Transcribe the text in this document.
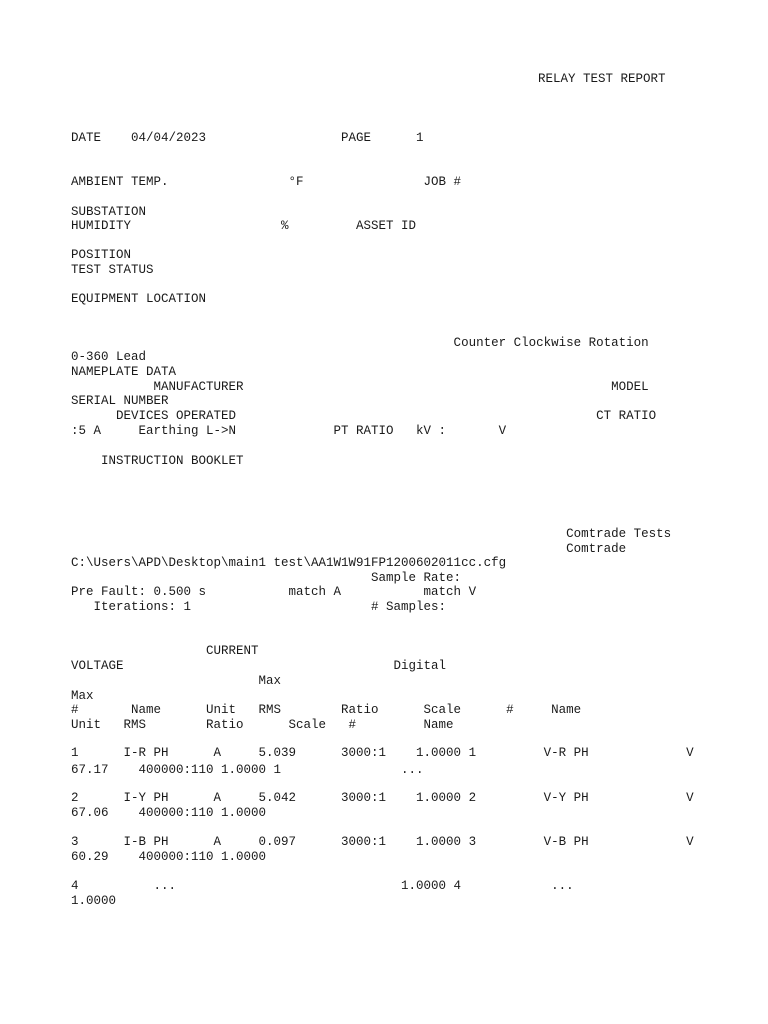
RELAY TEST REPORT
DATE    04/04/2023                  PAGE      1
AMBIENT TEMP.                °F                JOB #
SUBSTATION
HUMIDITY                    %         ASSET ID
POSITION
TEST STATUS
EQUIPMENT LOCATION
Counter Clockwise Rotation
0-360 Lead
NAMEPLATE DATA
MANUFACTURER                                                 MODEL
SERIAL NUMBER
DEVICES OPERATED                                                CT RATIO
:5 A     Earthing L->N             PT RATIO   kV :       V
INSTRUCTION BOOKLET
Comtrade Tests
Comtrade
C:\Users\APD\Desktop\main1 test\AA1W1W91FP1200602011cc.cfg
Sample Rate:
Pre Fault: 0.500 s           match A           match V
Iterations: 1                        # Samples:
CURRENT
VOLTAGE                                    Digital
Max
Max
#       Name      Unit   RMS        Ratio      Scale      #     Name
Unit   RMS        Ratio      Scale   #         Name
1      I-R PH      A     5.039      3000:1    1.0000 1         V-R PH             V
67.17    400000:110 1.0000 1                ...
2      I-Y PH      A     5.042      3000:1    1.0000 2         V-Y PH             V
67.06    400000:110 1.0000
3      I-B PH      A     0.097      3000:1    1.0000 3         V-B PH             V
60.29    400000:110 1.0000
4          ...                              1.0000 4            ...
1.0000
